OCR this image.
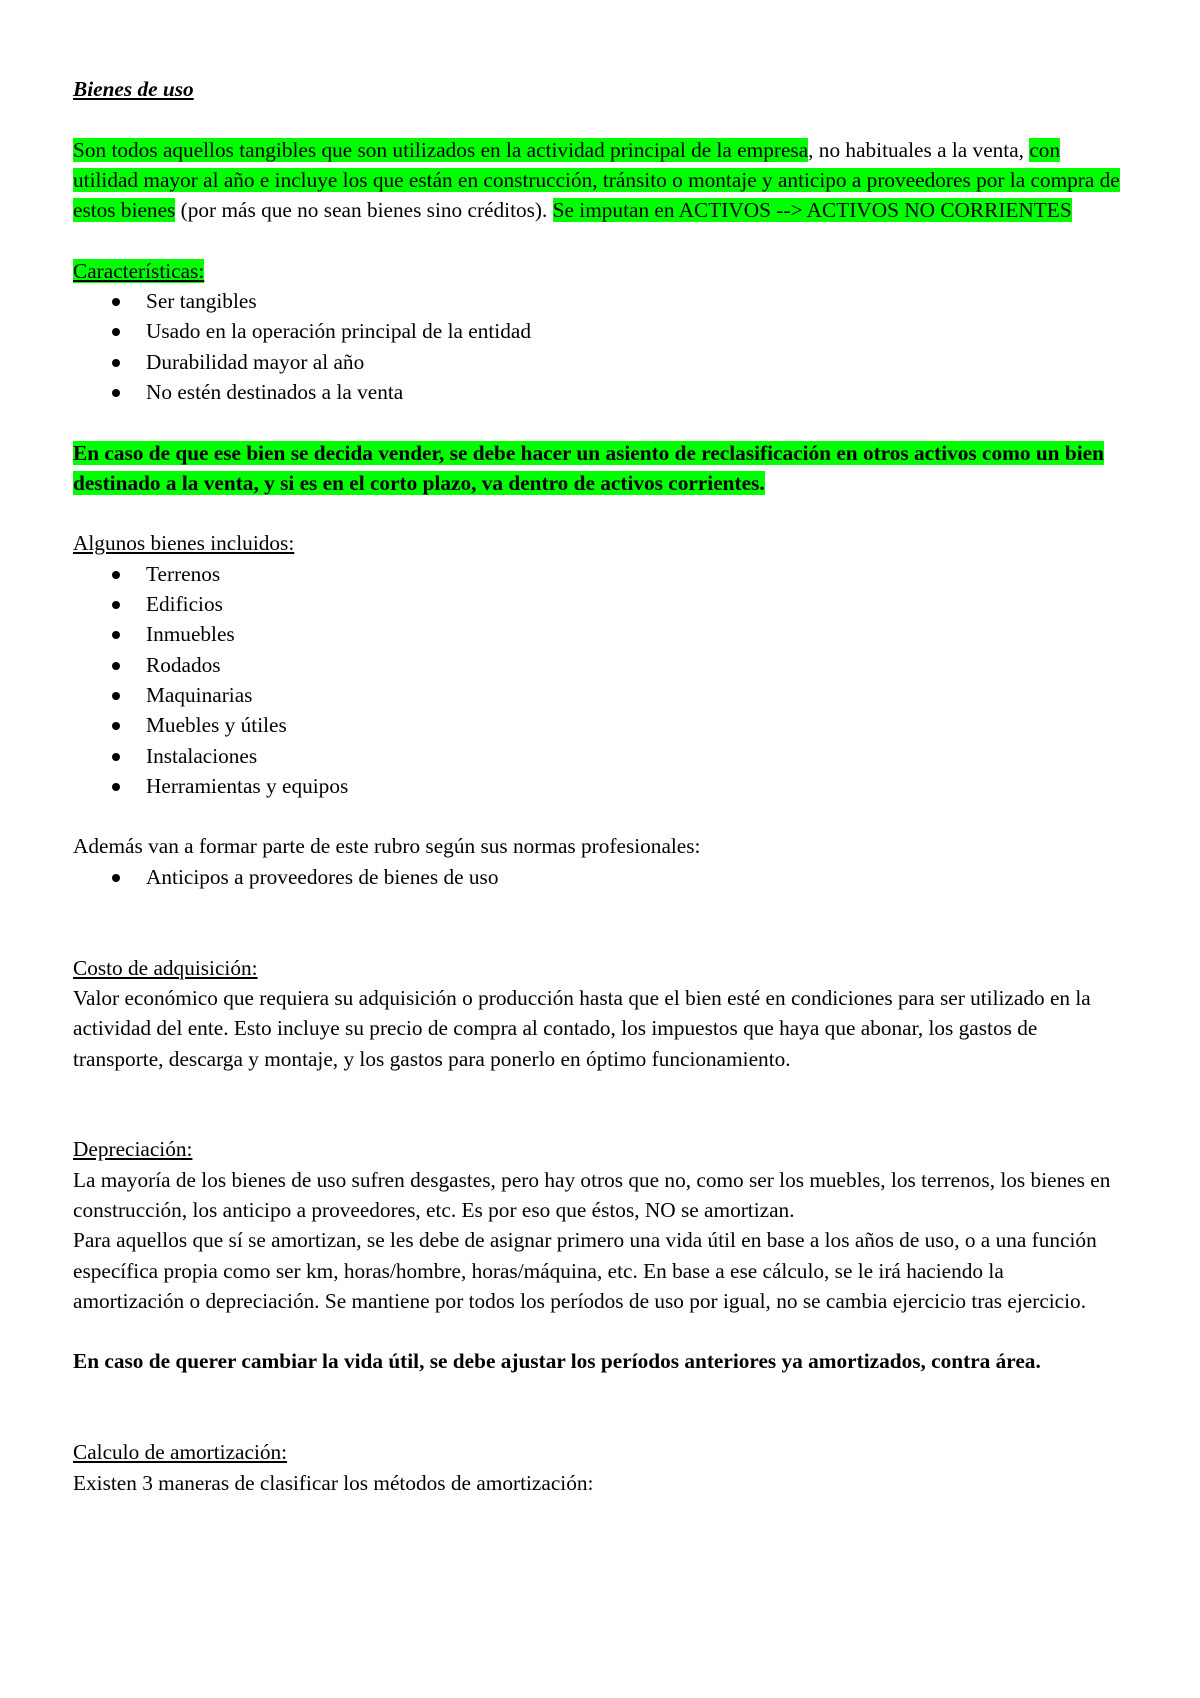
Bienes de uso

Son todos aquellos tangibles que son utilizados en la actividad principal de la empresa, no habituales a la venta, con utilidad mayor al año e incluye los que están en construcción, tránsito o montaje y anticipo a proveedores por la compra de estos bienes (por más que no sean bienes sino créditos). Se imputan en ACTIVOS --> ACTIVOS NO CORRIENTES

Características:

Ser tangibles
Usado en la operación principal de la entidad
Durabilidad mayor al año
No estén destinados a la venta

En caso de que ese bien se decida vender, se debe hacer un asiento de reclasificación en otros activos como un bien destinado a la venta, y si es en el corto plazo, va dentro de activos corrientes.

Algunos bienes incluidos:

Terrenos
Edificios
Inmuebles
Rodados
Maquinarias
Muebles y útiles
Instalaciones
Herramientas y equipos

Además van a formar parte de este rubro según sus normas profesionales:

Anticipos a proveedores de bienes de uso

Costo de adquisición:

Valor económico que requiera su adquisición o producción hasta que el bien esté en condiciones para ser utilizado en la actividad del ente. Esto incluye su precio de compra al contado, los impuestos que haya que abonar, los gastos de transporte, descarga y montaje, y los gastos para ponerlo en óptimo funcionamiento.

Depreciación:

La mayoría de los bienes de uso sufren desgastes, pero hay otros que no, como ser los muebles, los terrenos, los bienes en construcción, los anticipo a proveedores, etc. Es por eso que éstos, NO se amortizan.

Para aquellos que sí se amortizan, se les debe de asignar primero una vida útil en base a los años de uso, o a una función específica propia como ser km, horas/hombre, horas/máquina, etc. En base a ese cálculo, se le irá haciendo la amortización o depreciación. Se mantiene por todos los períodos de uso por igual, no se cambia ejercicio tras ejercicio.

En caso de querer cambiar la vida útil, se debe ajustar los períodos anteriores ya amortizados, contra área.

Calculo de amortización:

Existen 3 maneras de clasificar los métodos de amortización:
